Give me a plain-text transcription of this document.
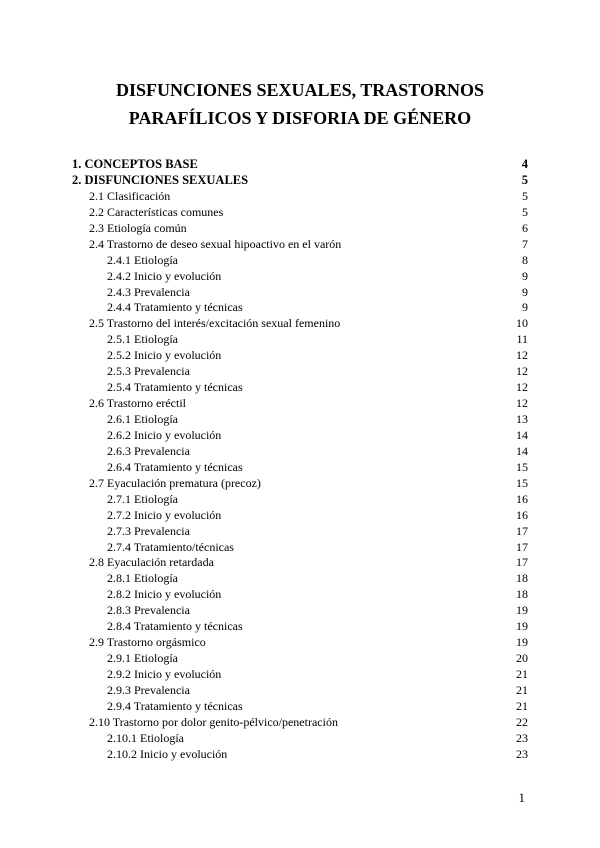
DISFUNCIONES SEXUALES, TRASTORNOS
PARAFÍLICOS Y DISFORIA DE GÉNERO
1. CONCEPTOS BASE	4
2. DISFUNCIONES SEXUALES	5
2.1 Clasificación	5
2.2 Características comunes	5
2.3 Etiología común	6
2.4 Trastorno de deseo sexual hipoactivo en el varón	7
2.4.1 Etiología	8
2.4.2 Inicio y evolución	9
2.4.3 Prevalencia	9
2.4.4 Tratamiento y técnicas	9
2.5 Trastorno del interés/excitación sexual femenino	10
2.5.1 Etiología	11
2.5.2 Inicio y evolución	12
2.5.3 Prevalencia	12
2.5.4 Tratamiento y técnicas	12
2.6 Trastorno eréctil	12
2.6.1 Etiología	13
2.6.2 Inicio y evolución	14
2.6.3 Prevalencia	14
2.6.4 Tratamiento y técnicas	15
2.7 Eyaculación prematura (precoz)	15
2.7.1 Etiología	16
2.7.2 Inicio y evolución	16
2.7.3 Prevalencia	17
2.7.4 Tratamiento/técnicas	17
2.8 Eyaculación retardada	17
2.8.1 Etiología	18
2.8.2 Inicio y evolución	18
2.8.3 Prevalencia	19
2.8.4 Tratamiento y técnicas	19
2.9 Trastorno orgásmico	19
2.9.1 Etiología	20
2.9.2 Inicio y evolución	21
2.9.3 Prevalencia	21
2.9.4 Tratamiento y técnicas	21
2.10 Trastorno por dolor genito-pélvico/penetración	22
2.10.1 Etiología	23
2.10.2 Inicio y evolución	23
1
